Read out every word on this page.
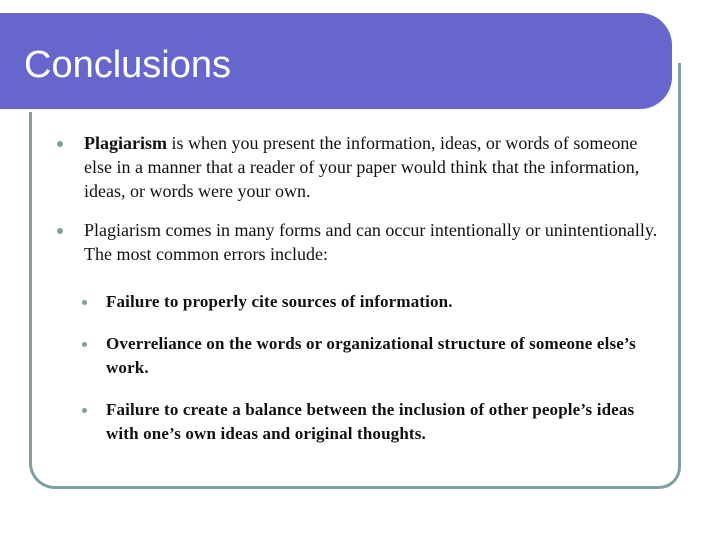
Conclusions
Plagiarism is when you present the information, ideas, or words of someone else in a manner that a reader of your paper would think that the information, ideas, or words were your own.
Plagiarism comes in many forms and can occur intentionally or unintentionally. The most common errors include:
Failure to properly cite sources of information.
Overreliance on the words or organizational structure of someone else’s work.
Failure to create a balance between the inclusion of other people’s ideas with one’s own ideas and original thoughts.
